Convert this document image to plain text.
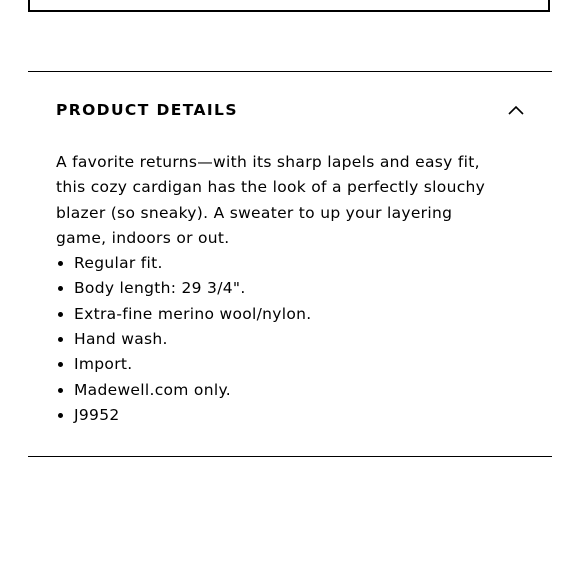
PRODUCT DETAILS

A favorite returns—with its sharp lapels and easy fit, this cozy cardigan has the look of a perfectly slouchy blazer (so sneaky). A sweater to up your layering game, indoors or out.

Regular fit.
Body length: 29 3/4".
Extra-fine merino wool/nylon.
Hand wash.
Import.
Madewell.com only.
J9952
